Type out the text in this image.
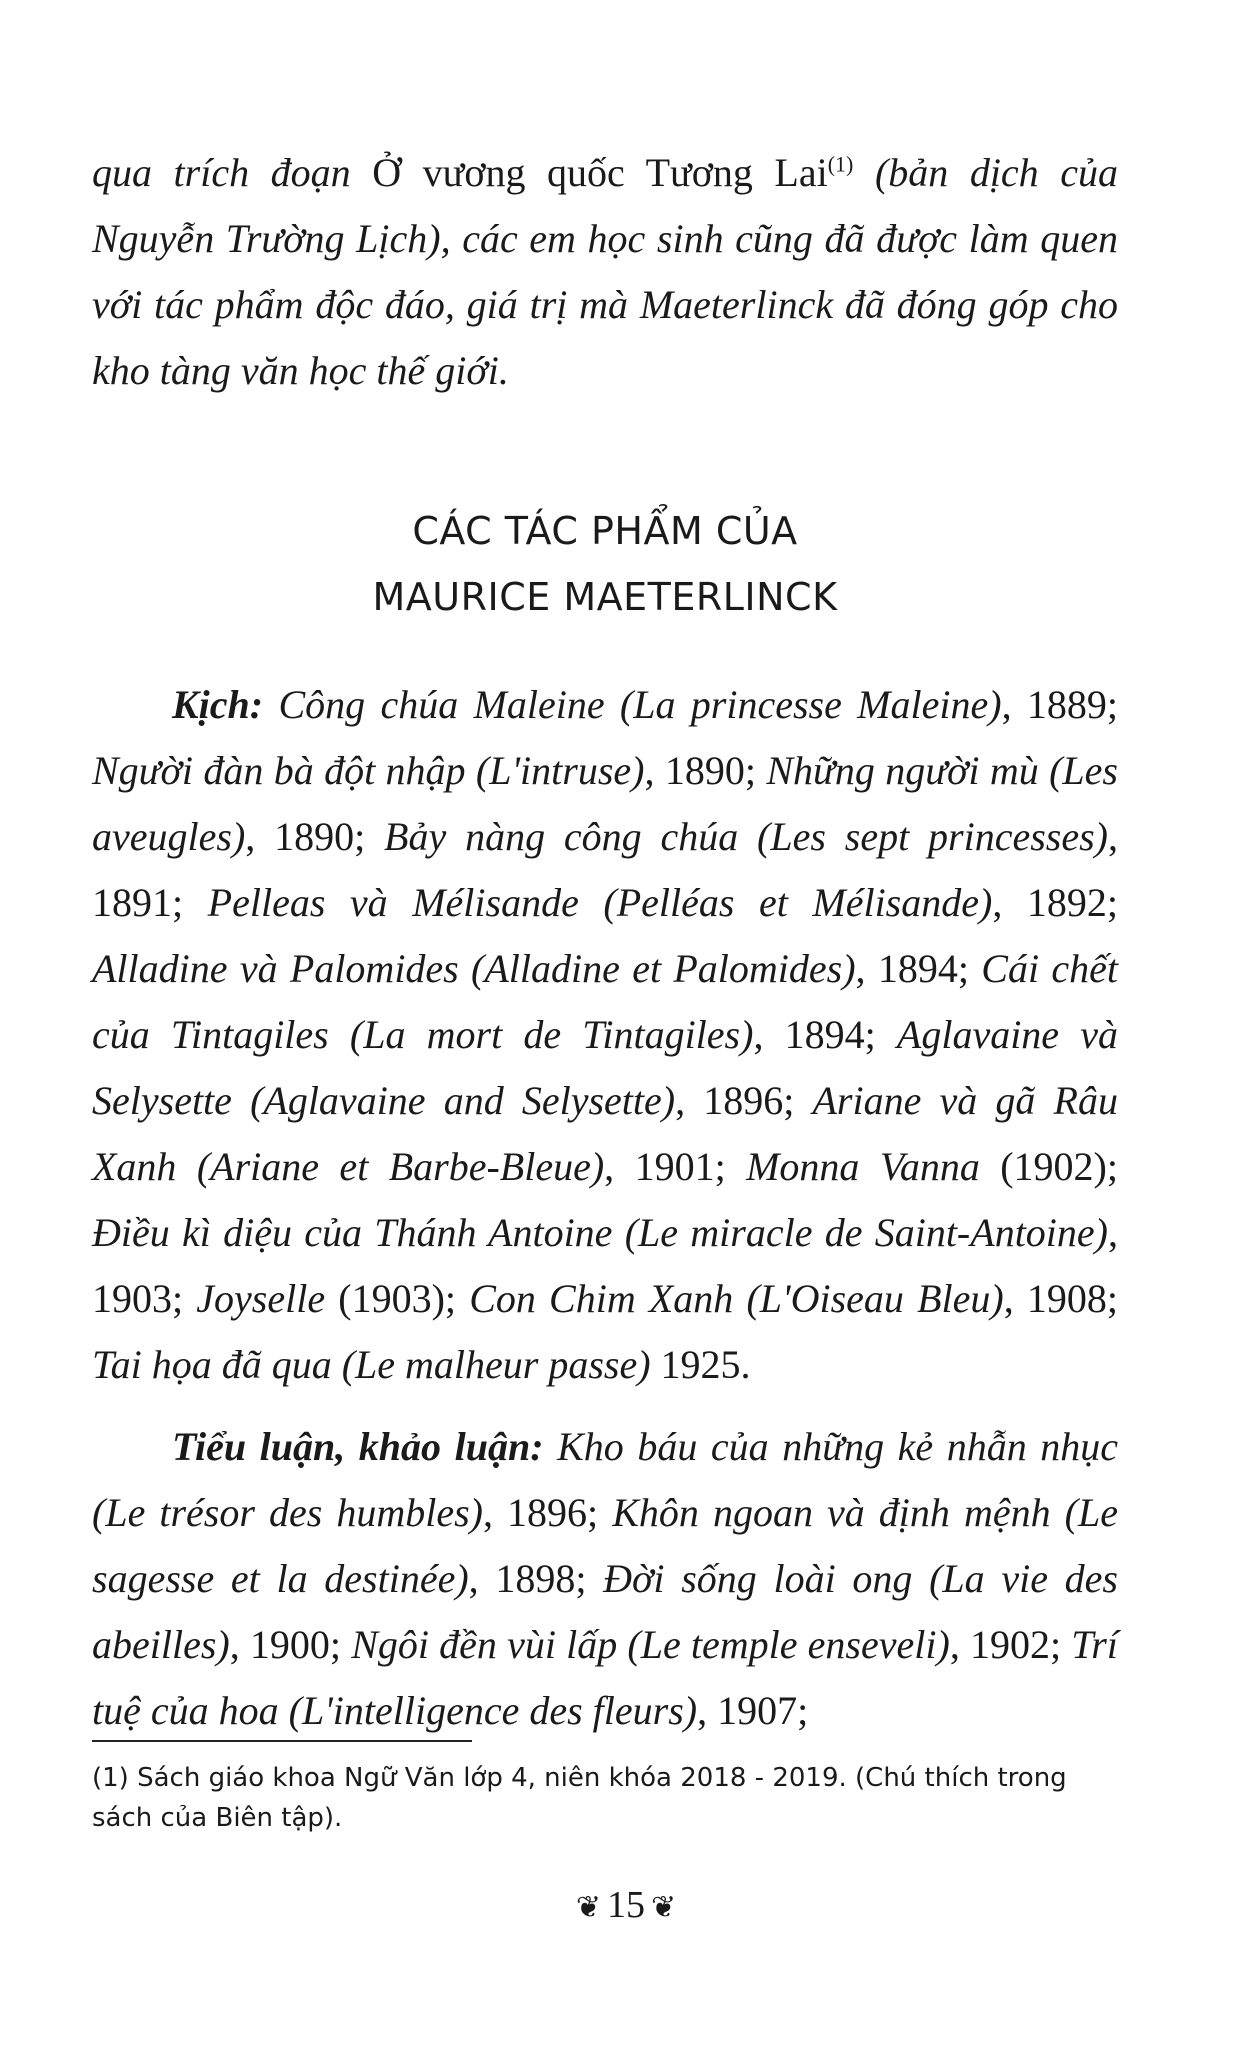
qua trích đoạn Ở vương quốc Tương Lai$^{(1)}$ (bản dịch của Nguyễn Trường Lịch), các em học sinh cũng đã được làm quen với tác phẩm độc đáo, giá trị mà Maeterlinck đã đóng góp cho kho tàng văn học thế giới.
CÁC TÁC PHẨM CỦA
MAURICE MAETERLINCK

Kịch: Công chúa Maleine (La princesse Maleine), 1889; Người đàn bà đột nhập (L'intruse), 1890; Những người mù (Les aveugles), 1890; Bảy nàng công chúa (Les sept princesses), 1891; Pelleas và Mélisande (Pelléas et Mélisande), 1892; Alladine và Palomides (Alladine et Palomides), 1894; Cái chết của Tintagiles (La mort de Tintagiles), 1894; Aglavaine và Selysette (Aglavaine and Selysette), 1896; Ariane và gã Râu Xanh (Ariane et Barbe-Bleue), 1901; Monna Vanna (1902); Điều kì diệu của Thánh Antoine (Le miracle de Saint-Antoine), 1903; Joyselle (1903); Con Chim Xanh (L'Oiseau Bleu), 1908; Tai họa đã qua (Le malheur passe) 1925.

Tiểu luận, khảo luận: Kho báu của những kẻ nhẫn nhục (Le trésor des humbles), 1896; Khôn ngoan và định mệnh (Le sagesse et la destinée), 1898; Đời sống loài ong (La vie des abeilles), 1900; Ngôi đền vùi lấp (Le temple enseveli), 1902; Trí tuệ của hoa (L'intelligence des fleurs), 1907;

(1) Sách giáo khoa Ngữ Văn lớp 4, niên khóa 2018 - 2019. (Chú thích trong sách của Biên tập).
❦ 15 ❦
